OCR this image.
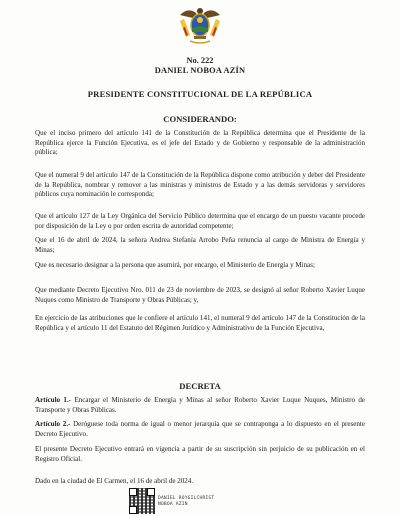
No. 222
DANIEL NOBOA AZÍN
PRESIDENTE CONSTITUCIONAL DE LA REPÚBLICA
CONSIDERANDO:

Que el inciso primero del artículo 141 de la Constitución de la República determina que el Presidente de la República ejerce la Función Ejecutiva, es el jefe del Estado y de Gobierno y responsable de la administración pública;

Que el numeral 9 del artículo 147 de la Constitución de la República dispone como atribución y deber del Presidente de la República, nombrar y remover a las ministras y ministros de Estado y a las demás servidoras y servidores públicos cuya nominación le corresponda;

Que el artículo 127 de la Ley Orgánica del Servicio Público determina que el encargo de un puesto vacante procede por disposición de la Ley o por orden escrita de autoridad competente;

Que el 16 de abril de 2024, la señora Andrea Stefanía Arrobo Peña renuncia al cargo de Ministra de Energía y Minas;

Que es necesario designar a la persona que asumirá, por encargo, el Ministerio de Energía y Minas;

Que mediante Decreto Ejecutivo Nro. 011 de 23 de noviembre de 2023, se designó al señor Roberto Xavier Luque Nuques como Ministro de Transporte y Obras Públicas; y,

En ejercicio de las atribuciones que le confiere el artículo 141, el numeral 9 del artículo 147 de la Constitución de la República y el artículo 11 del Estatuto del Régimen Jurídico y Administrativo de la Función Ejecutiva,

DECRETA

Artículo 1.- Encargar el Ministerio de Energía y Minas al señor Roberto Xavier Luque Nuques, Ministro de Transporte y Obras Públicas.

Artículo 2.- Deróguese toda norma de igual o menor jerarquía que se contraponga a lo dispuesto en el presente Decreto Ejecutivo.

El presente Decreto Ejecutivo entrará en vigencia a partir de su suscripción sin perjuicio de su publicación en el Registro Oficial.

Dado en la ciudad de El Carmen, el 16 de abril de 2024.

DANIEL ROYGILCHRIST
NOBOA AZIN
